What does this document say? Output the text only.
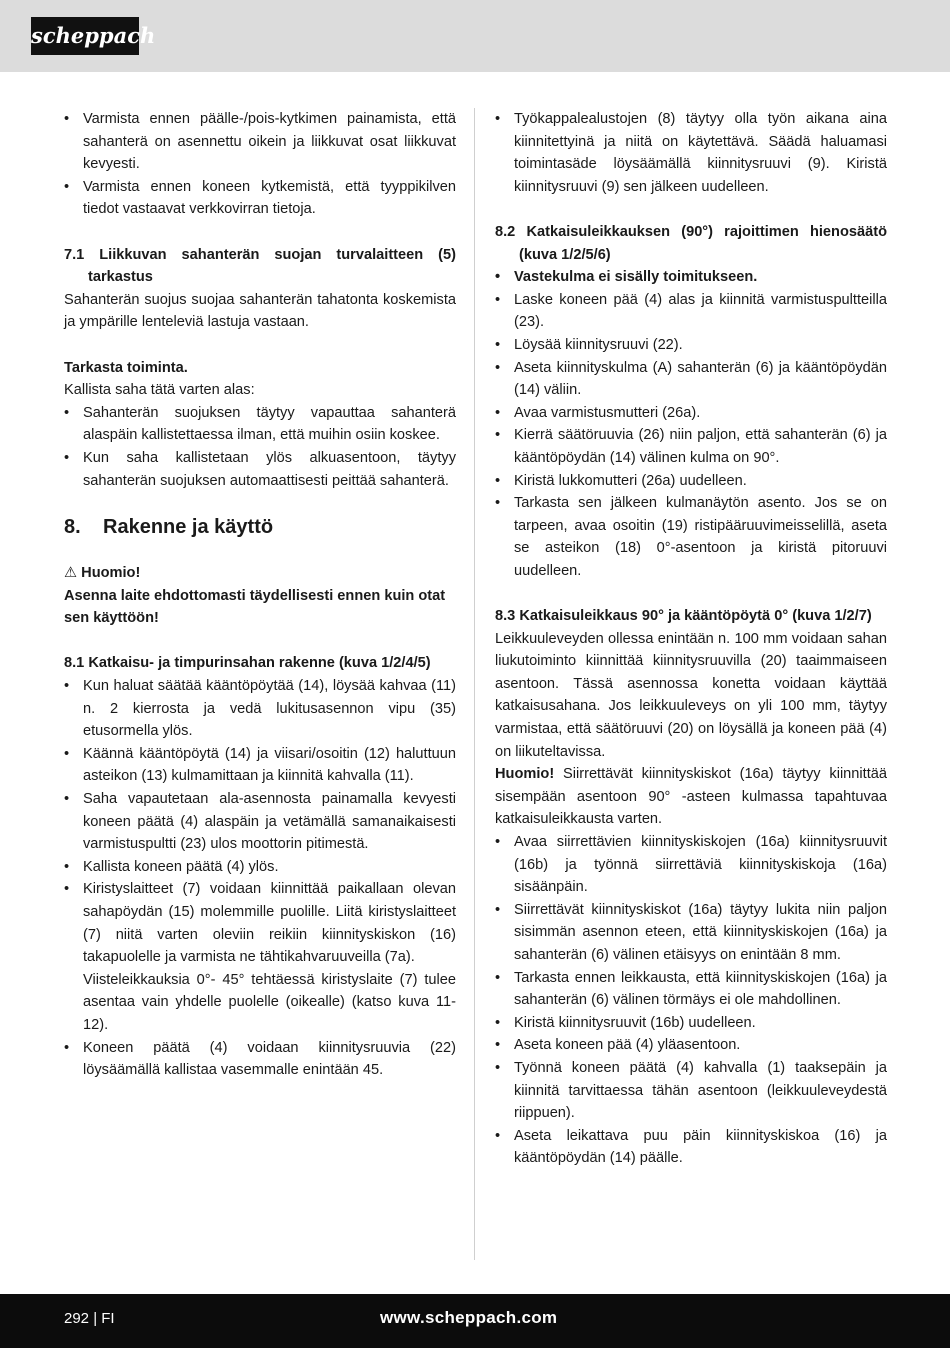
scheppach
• Varmista ennen päälle-/pois-kytkimen painamista, että sahanterä on asennettu oikein ja liikkuvat osat liikkuvat kevyesti.
• Varmista ennen koneen kytkemistä, että tyyppikilven tiedot vastaavat verkkovirran tietoja.

7.1 Liikkuvan sahanterän suojan turvalaitteen (5) tarkastus

Sahanterän suojus suojaa sahanterän tahatonta koskemista ja ympärille lenteleviä lastuja vastaan.

Tarkasta toiminta.

Kallista saha tätä varten alas:

• Sahanterän suojuksen täytyy vapauttaa sahanterä alaspäin kallistettaessa ilman, että muihin osiin koskee.
• Kun saha kallistetaan ylös alkuasentoon, täytyy sahanterän suojuksen automaattisesti peittää sahanterä.
8. Rakenne ja käyttö

⚠ Huomio!

Asenna laite ehdottomasti täydellisesti ennen kuin otat sen käyttöön!

8.1 Katkaisu- ja timpurinsahan rakenne (kuva 1/2/4/5)

• Kun haluat säätää kääntöpöytää (14), löysää kahvaa (11) n. 2 kierrosta ja vedä lukitusasennon vipu (35) etusormella ylös.
• Käännä kääntöpöytä (14) ja viisari/osoitin (12) haluttuun asteikon (13) kulmamittaan ja kiinnitä kahvalla (11).
• Saha vapautetaan ala-asennosta painamalla kevyesti koneen päätä (4) alaspäin ja vetämällä samanaikaisesti varmistuspultti (23) ulos moottorin pitimestä.
• Kallista koneen päätä (4) ylös.
• Kiristyslaitteet (7) voidaan kiinnittää paikallaan olevan sahapöydän (15) molemmille puolille. Liitä kiristyslaitteet (7) niitä varten oleviin reikiin kiinnityskiskon (16) takapuolelle ja varmista ne tähtikahvaruuveilla (7a).
Viisteleikkauksia 0°- 45° tehtäessä kiristyslaite (7) tulee asentaa vain yhdelle puolelle (oikealle) (katso kuva 11-12).
• Koneen päätä (4) voidaan kiinnitysruuvia (22) löysäämällä kallistaa vasemmalle enintään 45.
• Työkappalealustojen (8) täytyy olla työn aikana aina kiinnitettyinä ja niitä on käytettävä. Säädä haluamasi toimintasäde löysäämällä kiinnitysruuvi (9). Kiristä kiinnitysruuvi (9) sen jälkeen uudelleen.

8.2 Katkaisuleikkauksen (90°) rajoittimen hienosäätö (kuva 1/2/5/6)

• Vastekulma ei sisälly toimitukseen.
• Laske koneen pää (4) alas ja kiinnitä varmistuspultteilla (23).
• Löysää kiinnitysruuvi (22).
• Aseta kiinnityskulma (A) sahanterän (6) ja kääntöpöydän (14) väliin.
• Avaa varmistusmutteri (26a).
• Kierrä säätöruuvia (26) niin paljon, että sahanterän (6) ja kääntöpöydän (14) välinen kulma on 90°.
• Kiristä lukkomutteri (26a) uudelleen.
• Tarkasta sen jälkeen kulmanäytön asento. Jos se on tarpeen, avaa osoitin (19) ristipääruuvimeisselillä, aseta se asteikon (18) 0°-asentoon ja kiristä pitoruuvi uudelleen.

8.3 Katkaisuleikkaus 90° ja kääntöpöytä 0° (kuva 1/2/7)

Leikkuuleveyden ollessa enintään n. 100 mm voidaan sahan liukutoiminto kiinnittää kiinnitysruuvilla (20) taaimmaiseen asentoon. Tässä asennossa konetta voidaan käyttää katkaisusahana. Jos leikkuuleveys on yli 100 mm, täytyy varmistaa, että säätöruuvi (20) on löysällä ja koneen pää (4) on liikuteltavissa.

Huomio! Siirrettävät kiinnityskiskot (16a) täytyy kiinnittää sisempään asentoon 90° -asteen kulmassa tapahtuvaa katkaisuleikkausta varten.

• Avaa siirrettävien kiinnityskiskojen (16a) kiinnitysruuvit (16b) ja työnnä siirrettäviä kiinnityskiskoja (16a) sisäänpäin.
• Siirrettävät kiinnityskiskot (16a) täytyy lukita niin paljon sisimmän asennon eteen, että kiinnityskiskojen (16a) ja sahanterän (6) välinen etäisyys on enintään 8 mm.
• Tarkasta ennen leikkausta, että kiinnityskiskojen (16a) ja sahanterän (6) välinen törmäys ei ole mahdollinen.
• Kiristä kiinnitysruuvit (16b) uudelleen.
• Aseta koneen pää (4) yläasentoon.
• Työnnä koneen päätä (4) kahvalla (1) taaksepäin ja kiinnitä tarvittaessa tähän asentoon (leikkuuleveydestä riippuen).
• Aseta leikattava puu päin kiinnityskiskoa (16) ja kääntöpöydän (14) päälle.
292 | FI	www.scheppach.com
